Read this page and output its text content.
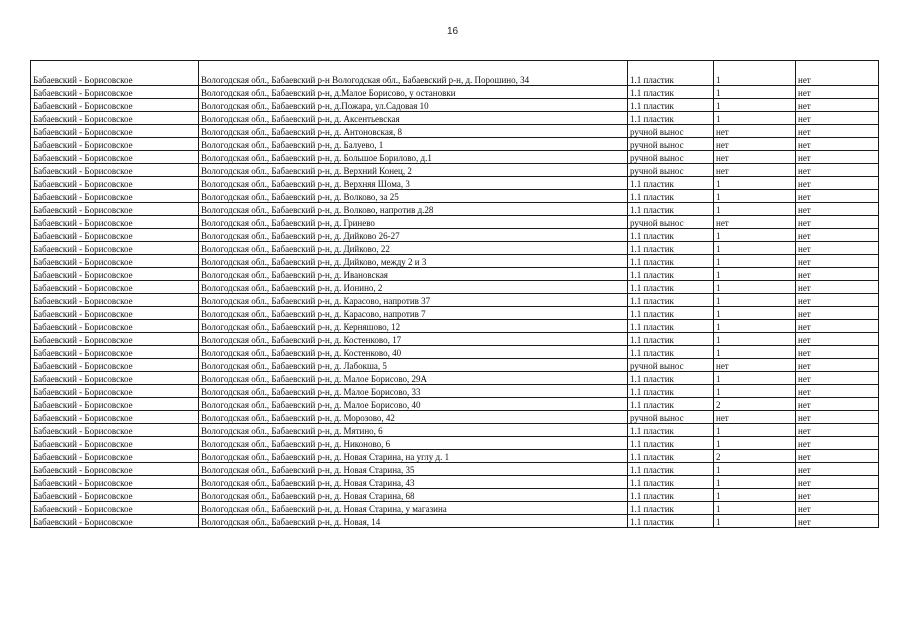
16
Бабаевский - Борисовское	Вологодская обл., Бабаевский р-н Вологодская обл., Бабаевский р-н, д. Порошино, 34	1.1 пластик	1	нет
Бабаевский - Борисовское	Вологодская обл., Бабаевский р-н, д.Малое Борисово, у остановки	1.1 пластик	1	нет
Бабаевский - Борисовское	Вологодская обл., Бабаевский р-н, д.Пожара, ул.Садовая 10	1.1 пластик	1	нет
Бабаевский - Борисовское	Вологодская обл., Бабаевский р-н, д. Аксентьевская	1.1 пластик	1	нет
Бабаевский - Борисовское	Вологодская обл., Бабаевский р-н, д. Антоновская, 8	ручной вынос	нет	нет
Бабаевский - Борисовское	Вологодская обл., Бабаевский р-н, д. Балуево, 1	ручной вынос	нет	нет
Бабаевский - Борисовское	Вологодская обл., Бабаевский р-н, д. Большое Борилово, д.1	ручной вынос	нет	нет
Бабаевский - Борисовское	Вологодская обл., Бабаевский р-н, д. Верхний Конец, 2	ручной вынос	нет	нет
Бабаевский - Борисовское	Вологодская обл., Бабаевский р-н, д. Верхняя Шома, 3	1.1 пластик	1	нет
Бабаевский - Борисовское	Вологодская обл., Бабаевский р-н, д. Волково, за 25	1.1 пластик	1	нет
Бабаевский - Борисовское	Вологодская обл., Бабаевский р-н, д. Волково, напротив д.28	1.1 пластик	1	нет
Бабаевский - Борисовское	Вологодская обл., Бабаевский р-н, д. Гринево	ручной вынос	нет	нет
Бабаевский - Борисовское	Вологодская обл., Бабаевский р-н, д. Дийково 26-27	1.1 пластик	1	нет
Бабаевский - Борисовское	Вологодская обл., Бабаевский р-н, д. Дийково, 22	1.1 пластик	1	нет
Бабаевский - Борисовское	Вологодская обл., Бабаевский р-н, д. Дийково, между 2 и 3	1.1 пластик	1	нет
Бабаевский - Борисовское	Вологодская обл., Бабаевский р-н, д. Ивановская	1.1 пластик	1	нет
Бабаевский - Борисовское	Вологодская обл., Бабаевский р-н, д. Ионино, 2	1.1 пластик	1	нет
Бабаевский - Борисовское	Вологодская обл., Бабаевский р-н, д. Карасово, напротив 37	1.1 пластик	1	нет
Бабаевский - Борисовское	Вологодская обл., Бабаевский р-н, д. Карасово, напротив 7	1.1 пластик	1	нет
Бабаевский - Борисовское	Вологодская обл., Бабаевский р-н, д. Керняшово, 12	1.1 пластик	1	нет
Бабаевский - Борисовское	Вологодская обл., Бабаевский р-н, д. Костенково, 17	1.1 пластик	1	нет
Бабаевский - Борисовское	Вологодская обл., Бабаевский р-н, д. Костенково, 40	1.1 пластик	1	нет
Бабаевский - Борисовское	Вологодская обл., Бабаевский р-н, д. Лабокша, 5	ручной вынос	нет	нет
Бабаевский - Борисовское	Вологодская обл., Бабаевский р-н, д. Малое Борисово, 29А	1.1 пластик	1	нет
Бабаевский - Борисовское	Вологодская обл., Бабаевский р-н, д. Малое Борисово, 33	1.1 пластик	1	нет
Бабаевский - Борисовское	Вологодская обл., Бабаевский р-н, д. Малое Борисово, 40	1.1 пластик	2	нет
Бабаевский - Борисовское	Вологодская обл., Бабаевский р-н, д. Морозово, 42	ручной вынос	нет	нет
Бабаевский - Борисовское	Вологодская обл., Бабаевский р-н, д. Мятино, 6	1.1 пластик	1	нет
Бабаевский - Борисовское	Вологодская обл., Бабаевский р-н, д. Никоново, 6	1.1 пластик	1	нет
Бабаевский - Борисовское	Вологодская обл., Бабаевский р-н, д. Новая Старина, на углу д. 1	1.1 пластик	2	нет
Бабаевский - Борисовское	Вологодская обл., Бабаевский р-н, д. Новая Старина, 35	1.1 пластик	1	нет
Бабаевский - Борисовское	Вологодская обл., Бабаевский р-н, д. Новая Старина, 43	1.1 пластик	1	нет
Бабаевский - Борисовское	Вологодская обл., Бабаевский р-н, д. Новая Старина, 68	1.1 пластик	1	нет
Бабаевский - Борисовское	Вологодская обл., Бабаевский р-н, д. Новая Старина, у магазина	1.1 пластик	1	нет
Бабаевский - Борисовское	Вологодская обл., Бабаевский р-н, д. Новая, 14	1.1 пластик	1	нет
